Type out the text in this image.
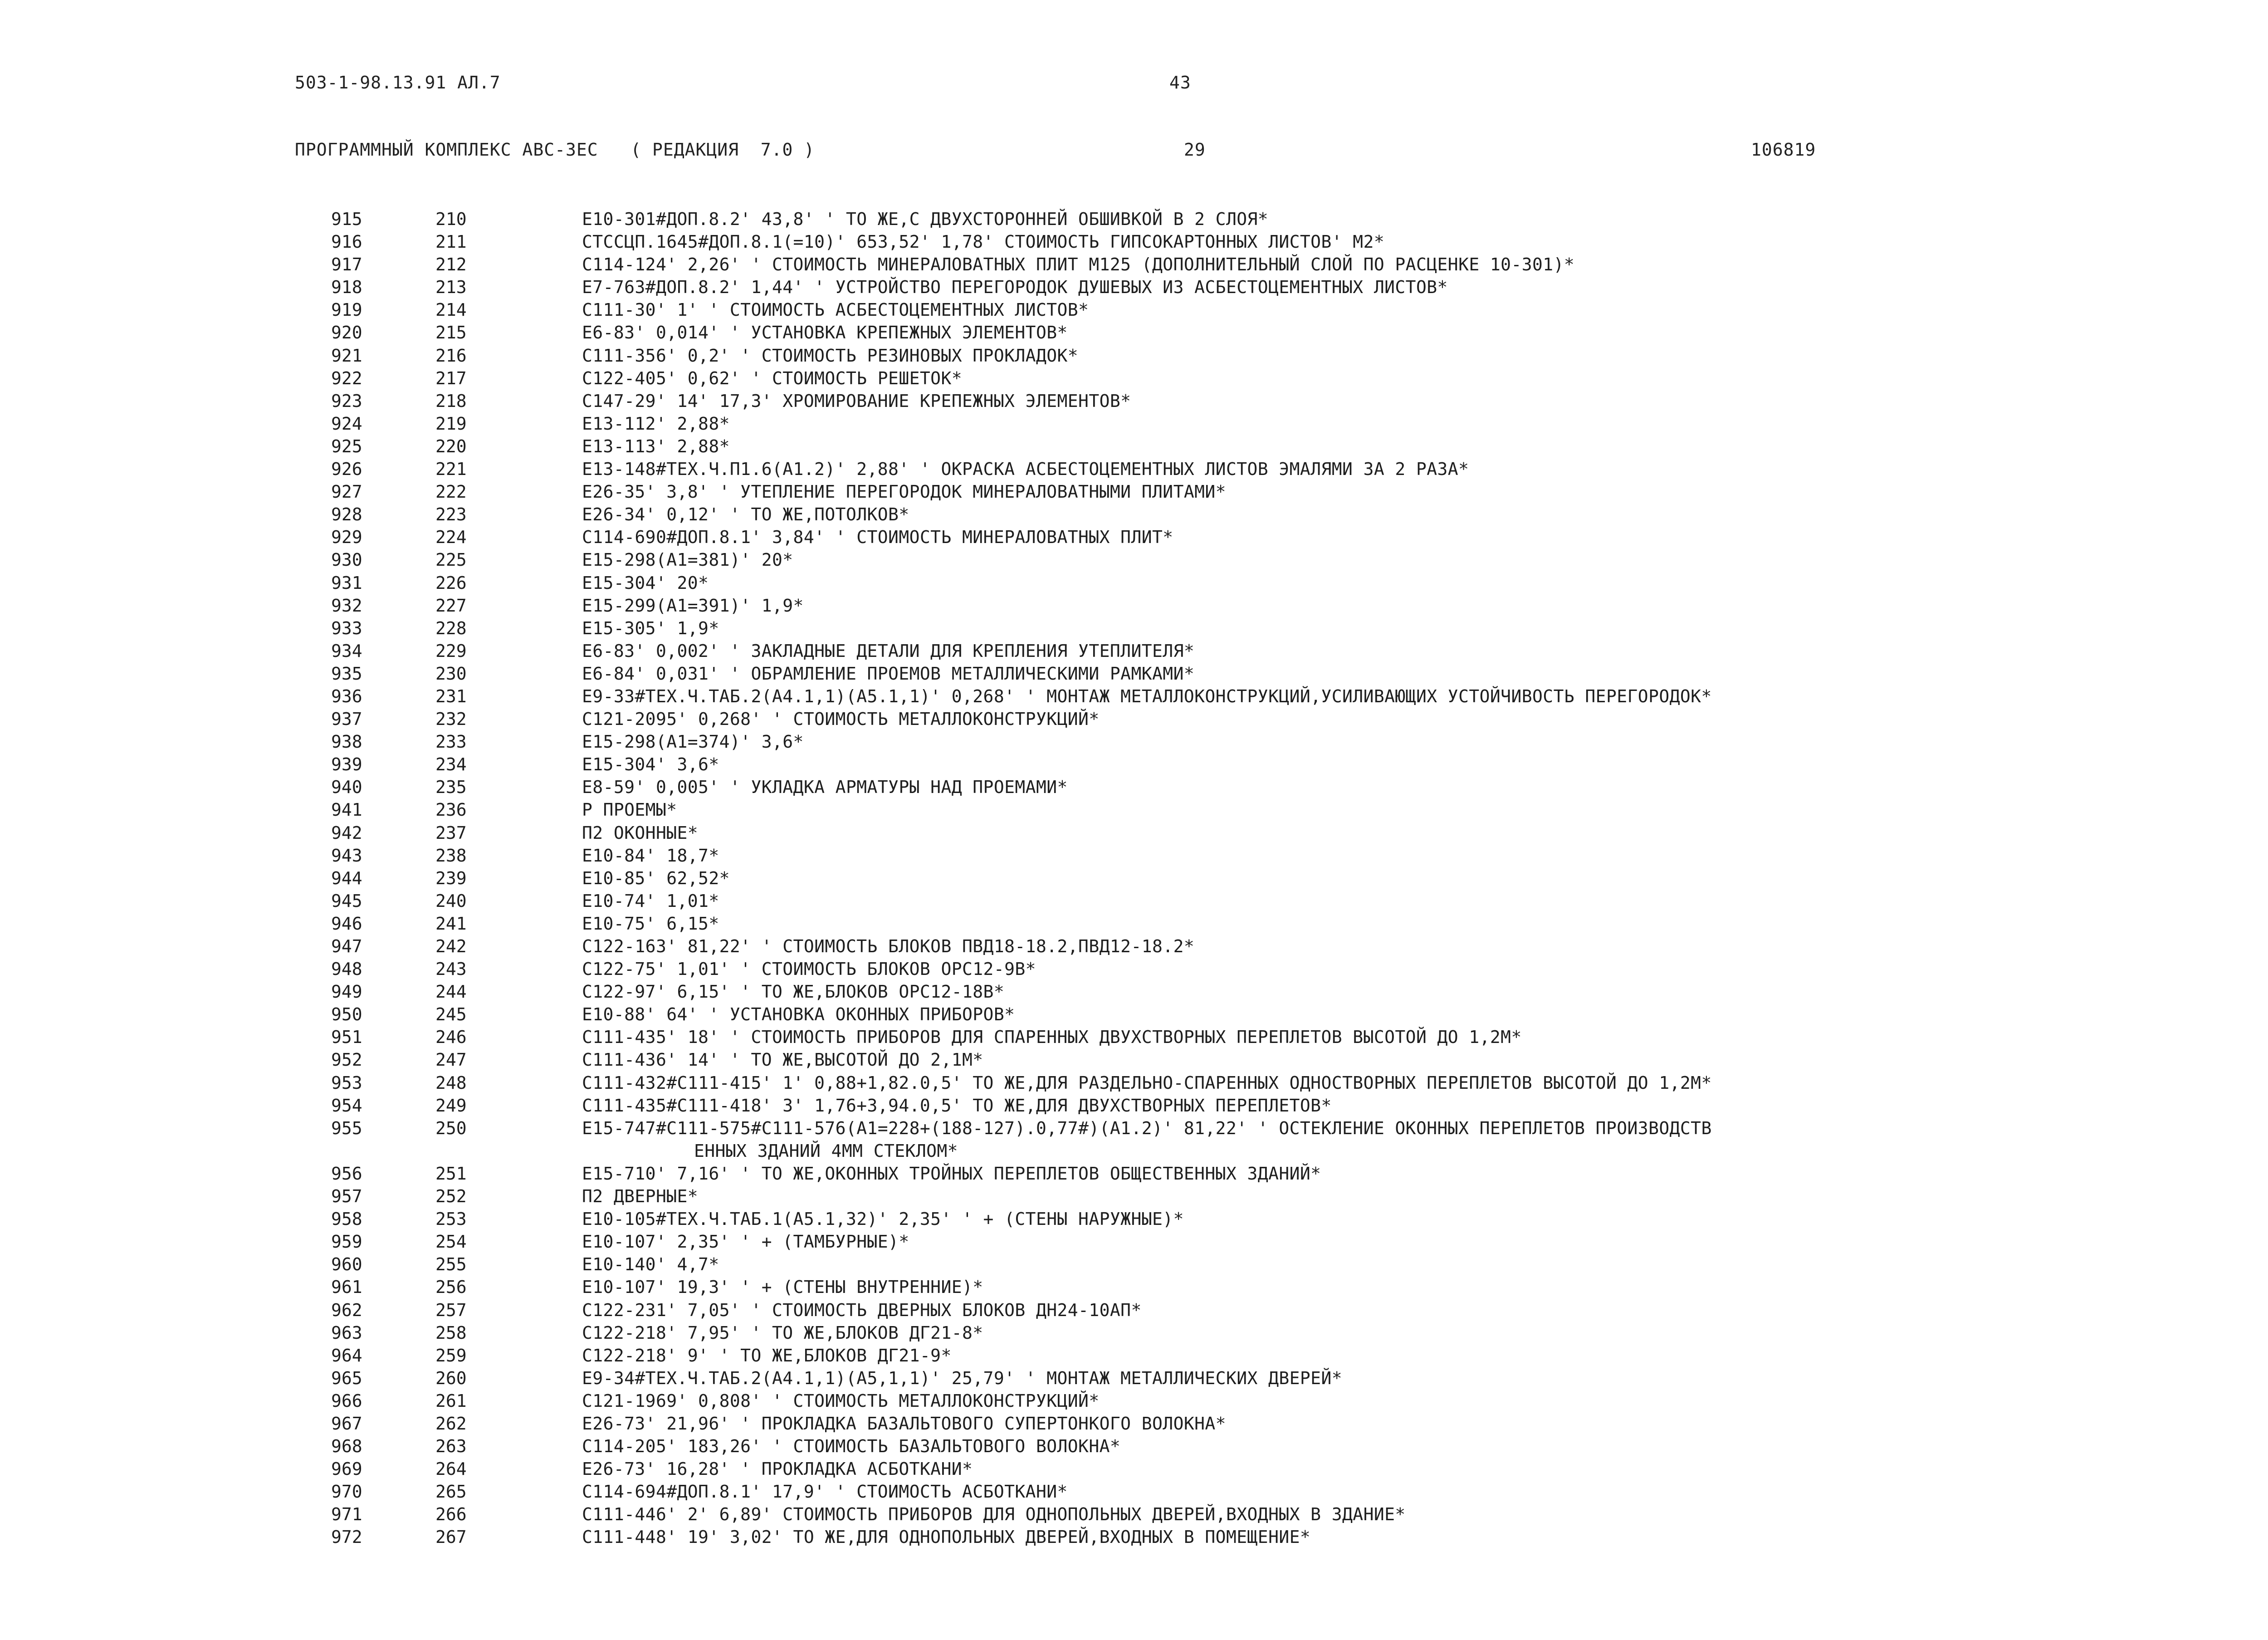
503-1-98.13.91 АЛ.7	43
ПРОГРАММНЫЙ КОМПЛЕКС АВС-ЗЕС   ( РЕДАКЦИЯ  7.0 )	29	106819
915	210	Е10-301#ДОП.8.2' 43,8' ' ТО ЖЕ,С ДВУХСТОРОННЕЙ ОБШИВКОЙ В 2 СЛОЯ*
916	211	СТССЦП.1645#ДОП.8.1(=10)' 653,52' 1,78' СТОИМОСТЬ ГИПСОКАРТОННЫХ ЛИСТОВ' М2*
917	212	С114-124' 2,26' ' СТОИМОСТЬ МИНЕРАЛОВАТНЫХ ПЛИТ М125 (ДОПОЛНИТЕЛЬНЫЙ СЛОЙ ПО РАСЦЕНКЕ 10-301)*
918	213	Е7-763#ДОП.8.2' 1,44' ' УСТРОЙСТВО ПЕРЕГОРОДОК ДУШЕВЫХ ИЗ АСБЕСТОЦЕМЕНТНЫХ ЛИСТОВ*
919	214	С111-30' 1' ' СТОИМОСТЬ АСБЕСТОЦЕМЕНТНЫХ ЛИСТОВ*
920	215	Е6-83' 0,014' ' УСТАНОВКА КРЕПЕЖНЫХ ЭЛЕМЕНТОВ*
921	216	С111-356' 0,2' ' СТОИМОСТЬ РЕЗИНОВЫХ ПРОКЛАДОК*
922	217	С122-405' 0,62' ' СТОИМОСТЬ РЕШЕТОК*
923	218	С147-29' 14' 17,3' ХРОМИРОВАНИЕ КРЕПЕЖНЫХ ЭЛЕМЕНТОВ*
924	219	Е13-112' 2,88*
925	220	Е13-113' 2,88*
926	221	Е13-148#ТЕХ.Ч.П1.6(А1.2)' 2,88' ' ОКРАСКА АСБЕСТОЦЕМЕНТНЫХ ЛИСТОВ ЭМАЛЯМИ ЗА 2 РАЗА*
927	222	Е26-35' 3,8' ' УТЕПЛЕНИЕ ПЕРЕГОРОДОК МИНЕРАЛОВАТНЫМИ ПЛИТАМИ*
928	223	Е26-34' 0,12' ' ТО ЖЕ,ПОТОЛКОВ*
929	224	С114-690#ДОП.8.1' 3,84' ' СТОИМОСТЬ МИНЕРАЛОВАТНЫХ ПЛИТ*
930	225	Е15-298(А1=381)' 20*
931	226	Е15-304' 20*
932	227	Е15-299(А1=391)' 1,9*
933	228	Е15-305' 1,9*
934	229	Е6-83' 0,002' ' ЗАКЛАДНЫЕ ДЕТАЛИ ДЛЯ КРЕПЛЕНИЯ УТЕПЛИТЕЛЯ*
935	230	Е6-84' 0,031' ' ОБРАМЛЕНИЕ ПРОЕМОВ МЕТАЛЛИЧЕСКИМИ РАМКАМИ*
936	231	Е9-33#ТЕХ.Ч.ТАБ.2(А4.1,1)(А5.1,1)' 0,268' ' МОНТАЖ МЕТАЛЛОКОНСТРУКЦИЙ,УСИЛИВАЮЩИХ УСТОЙЧИВОСТЬ ПЕРЕГОРОДОК*
937	232	С121-2095' 0,268' ' СТОИМОСТЬ МЕТАЛЛОКОНСТРУКЦИЙ*
938	233	Е15-298(А1=374)' 3,6*
939	234	Е15-304' 3,6*
940	235	Е8-59' 0,005' ' УКЛАДКА АРМАТУРЫ НАД ПРОЕМАМИ*
941	236	Р ПРОЕМЫ*
942	237	П2 ОКОННЫЕ*
943	238	Е10-84' 18,7*
944	239	Е10-85' 62,52*
945	240	Е10-74' 1,01*
946	241	Е10-75' 6,15*
947	242	С122-163' 81,22' ' СТОИМОСТЬ БЛОКОВ ПВД18-18.2,ПВД12-18.2*
948	243	С122-75' 1,01' ' СТОИМОСТЬ БЛОКОВ ОРС12-9В*
949	244	С122-97' 6,15' ' ТО ЖЕ,БЛОКОВ ОРС12-18В*
950	245	Е10-88' 64' ' УСТАНОВКА ОКОННЫХ ПРИБОРОВ*
951	246	С111-435' 18' ' СТОИМОСТЬ ПРИБОРОВ ДЛЯ СПАРЕННЫХ ДВУХСТВОРНЫХ ПЕРЕПЛЕТОВ ВЫСОТОЙ ДО 1,2М*
952	247	С111-436' 14' ' ТО ЖЕ,ВЫСОТОЙ ДО 2,1М*
953	248	С111-432#С111-415' 1' 0,88+1,82.0,5' ТО ЖЕ,ДЛЯ РАЗДЕЛЬНО-СПАРЕННЫХ ОДНОСТВОРНЫХ ПЕРЕПЛЕТОВ ВЫСОТОЙ ДО 1,2М*
954	249	С111-435#С111-418' 3' 1,76+3,94.0,5' ТО ЖЕ,ДЛЯ ДВУХСТВОРНЫХ ПЕРЕПЛЕТОВ*
955	250	Е15-747#С111-575#С111-576(А1=228+(188-127).0,77#)(А1.2)' 81,22' ' ОСТЕКЛЕНИЕ ОКОННЫХ ПЕРЕПЛЕТОВ ПРОИЗВОДСТВ
ЕННЫХ ЗДАНИЙ 4ММ СТЕКЛОМ*
956	251	Е15-710' 7,16' ' ТО ЖЕ,ОКОННЫХ ТРОЙНЫХ ПЕРЕПЛЕТОВ ОБЩЕСТВЕННЫХ ЗДАНИЙ*
957	252	П2 ДВЕРНЫЕ*
958	253	Е10-105#ТЕХ.Ч.ТАБ.1(А5.1,32)' 2,35' ' + (СТЕНЫ НАРУЖНЫЕ)*
959	254	Е10-107' 2,35' ' + (ТАМБУРНЫЕ)*
960	255	Е10-140' 4,7*
961	256	Е10-107' 19,3' ' + (СТЕНЫ ВНУТРЕННИЕ)*
962	257	С122-231' 7,05' ' СТОИМОСТЬ ДВЕРНЫХ БЛОКОВ ДН24-10АП*
963	258	С122-218' 7,95' ' ТО ЖЕ,БЛОКОВ ДГ21-8*
964	259	С122-218' 9' ' ТО ЖЕ,БЛОКОВ ДГ21-9*
965	260	Е9-34#ТЕХ.Ч.ТАБ.2(А4.1,1)(А5,1,1)' 25,79' ' МОНТАЖ МЕТАЛЛИЧЕСКИХ ДВЕРЕЙ*
966	261	С121-1969' 0,808' ' СТОИМОСТЬ МЕТАЛЛОКОНСТРУКЦИЙ*
967	262	Е26-73' 21,96' ' ПРОКЛАДКА БАЗАЛЬТОВОГО СУПЕРТОНКОГО ВОЛОКНА*
968	263	С114-205' 183,26' ' СТОИМОСТЬ БАЗАЛЬТОВОГО ВОЛОКНА*
969	264	Е26-73' 16,28' ' ПРОКЛАДКА АСБОТКАНИ*
970	265	С114-694#ДОП.8.1' 17,9' ' СТОИМОСТЬ АСБОТКАНИ*
971	266	С111-446' 2' 6,89' СТОИМОСТЬ ПРИБОРОВ ДЛЯ ОДНОПОЛЬНЫХ ДВЕРЕЙ,ВХОДНЫХ В ЗДАНИЕ*
972	267	С111-448' 19' 3,02' ТО ЖЕ,ДЛЯ ОДНОПОЛЬНЫХ ДВЕРЕЙ,ВХОДНЫХ В ПОМЕЩЕНИЕ*
